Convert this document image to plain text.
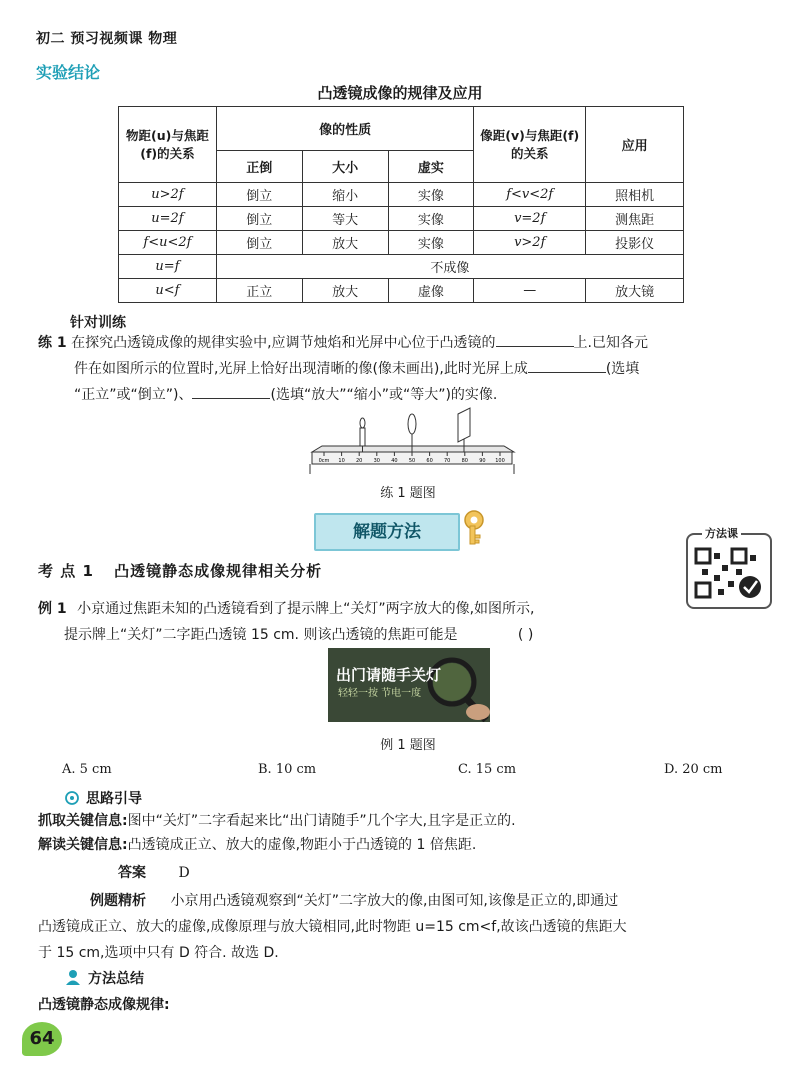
初二 预习视频课 物理
实验结论
凸透镜成像的规律及应用
物距(u)与焦距(f)的关系	像的性质			像距(v)与焦距(f)的关系	应用
	正倒	大小	虚实		
u>2f	倒立	缩小	实像	f<v<2f	照相机
u=2f	倒立	等大	实像	v=2f	测焦距
f<u<2f	倒立	放大	实像	v>2f	投影仪
u=f	不成像				
u<f	正立	放大	虚像	—	放大镜
针对训练
练 1 在探究凸透镜成像的规律实验中,应调节烛焰和光屏中心位于凸透镜的	上.已知各元
件在如图所示的位置时,光屏上恰好出现清晰的像(像未画出),此时光屏上成	(选填
“正立”或“倒立”)、	(选填“放大”“缩小”或“等大”)的实像.
0cm 10 20 30 40 50 60 70 80 90 100
练 1 题图
解题方法	方法课
考 点 1 凸透镜静态成像规律相关分析
例 1 小京通过焦距未知的凸透镜看到了提示牌上“关灯”两字放大的像,如图所示,
提示牌上“关灯”二字距凸透镜 15 cm. 则该凸透镜的焦距可能是	( )
出门请随手关灯
轻轻一按 节电一度
例 1 题图
A. 5 cm	B. 10 cm	C. 15 cm	D. 20 cm
思路引导
抓取关键信息:图中“关灯”二字看起来比“出门请随手”几个字大,且字是正立的.
解读关键信息:凸透镜成正立、放大的虚像,物距小于凸透镜的 1 倍焦距.
答案 D
例题精析 小京用凸透镜观察到“关灯”二字放大的像,由图可知,该像是正立的,即通过
凸透镜成正立、放大的虚像,成像原理与放大镜相同,此时物距 u=15 cm<f,故该凸透镜的焦距大
于 15 cm,选项中只有 D 符合. 故选 D.
方法总结
凸透镜静态成像规律:
64
